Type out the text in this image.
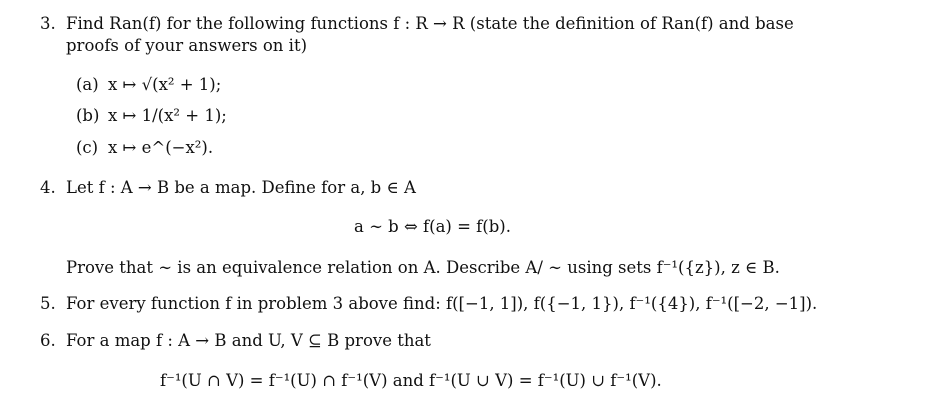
3. Find Ran(f) for the following functions f : R → R (state the definition of Ran(f) and base
proofs of your answers on it)
(a) x ↦ √(x² + 1);
(b) x ↦ 1/(x² + 1);
(c) x ↦ e^(−x²).
4. Let f : A → B be a map. Define for a, b ∈ A
a ∼ b ⇔ f(a) = f(b).
Prove that ∼ is an equivalence relation on A. Describe A/ ∼ using sets f⁻¹({z}), z ∈ B.
5. For every function f in problem 3 above find: f([−1, 1]), f({−1, 1}), f⁻¹({4}), f⁻¹([−2, −1]).
6. For a map f : A → B and U, V ⊆ B prove that
f⁻¹(U ∩ V) = f⁻¹(U) ∩ f⁻¹(V) and f⁻¹(U ∪ V) = f⁻¹(U) ∪ f⁻¹(V).
